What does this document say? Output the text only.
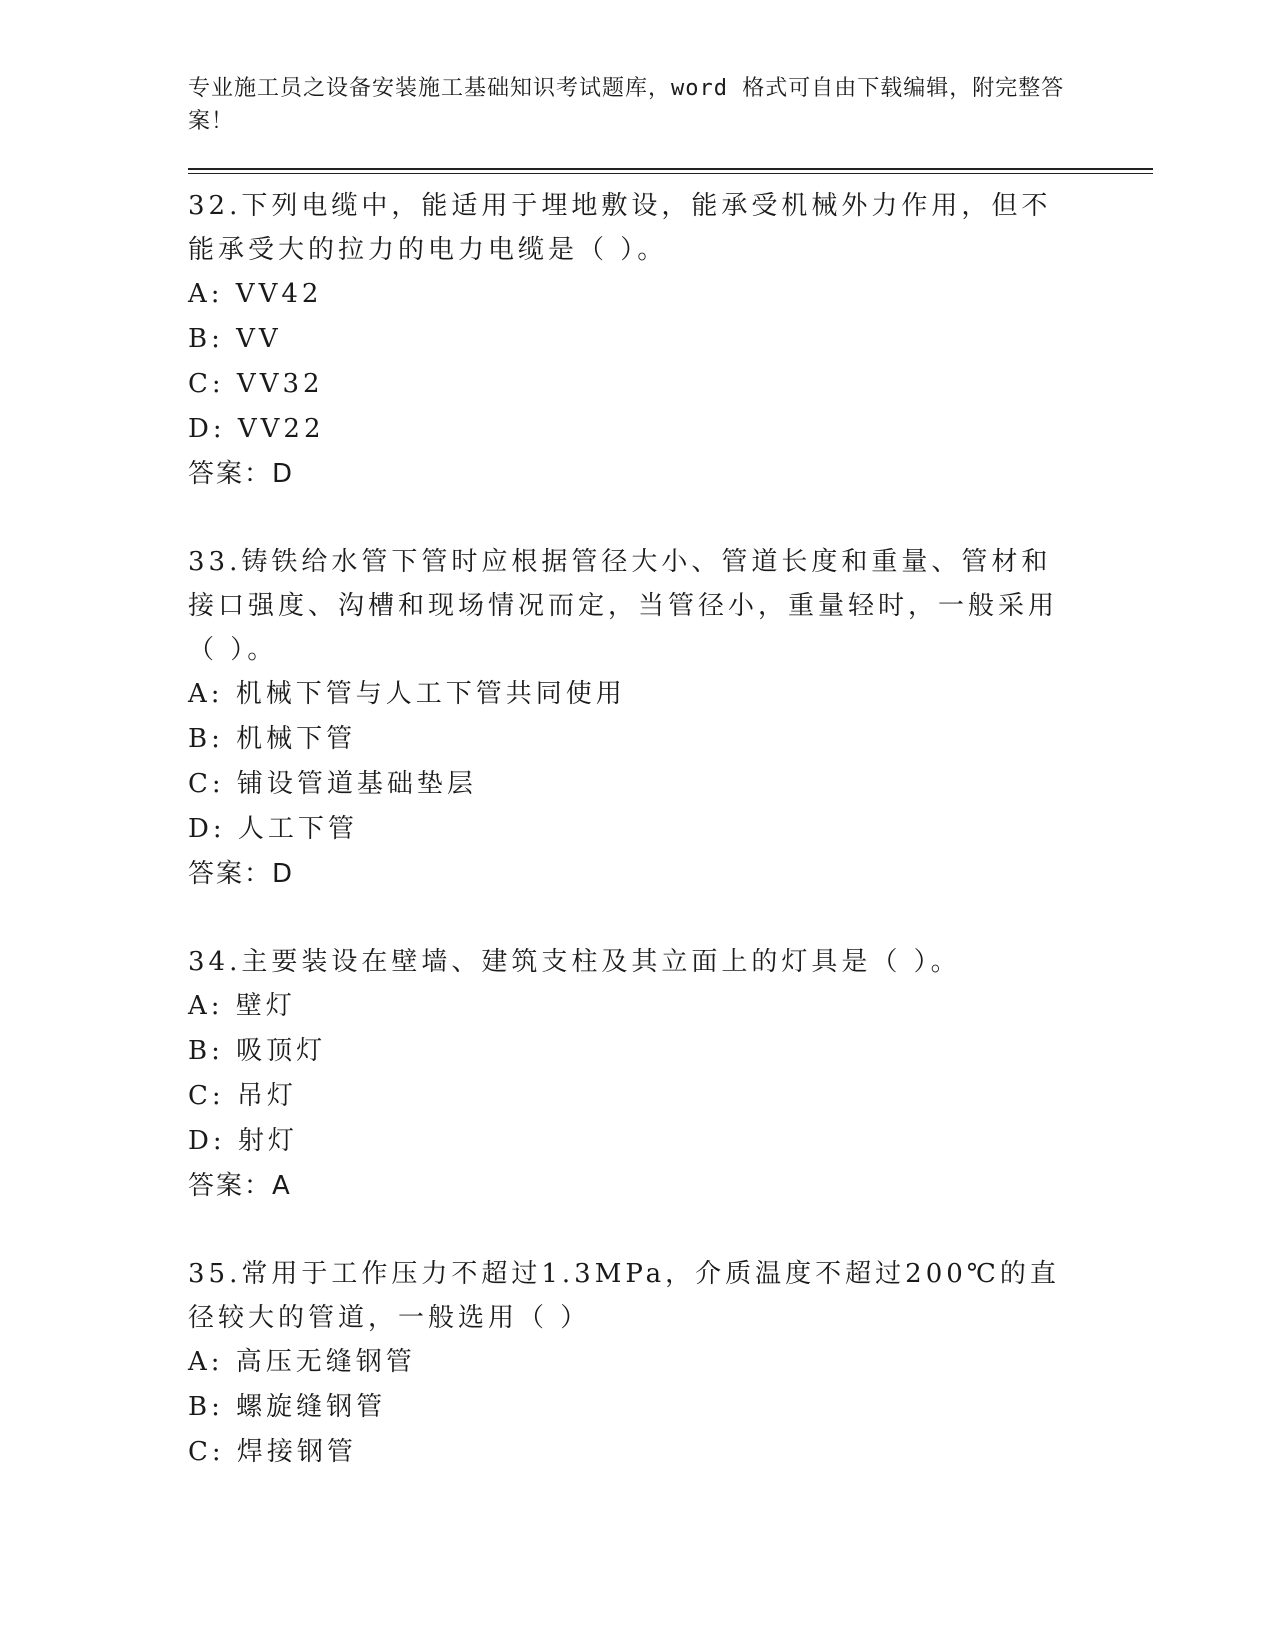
专业施工员之设备安装施工基础知识考试题库，word 格式可自由下载编辑，附完整答案！

32.下列电缆中，能适用于埋地敷设，能承受机械外力作用，但不能承受大的拉力的电力电缆是（ ）。

A: VV42

B: VV

C: VV32

D: VV22

答案：D

33.铸铁给水管下管时应根据管径大小、管道长度和重量、管材和接口强度、沟槽和现场情况而定，当管径小，重量轻时，一般采用（ ）。

A: 机械下管与人工下管共同使用

B: 机械下管

C: 铺设管道基础垫层

D: 人工下管

答案：D

34.主要装设在壁墙、建筑支柱及其立面上的灯具是（ ）。

A: 壁灯

B: 吸顶灯

C: 吊灯

D: 射灯

答案：A

35.常用于工作压力不超过1.3MPa，介质温度不超过200℃的直径较大的管道，一般选用（ ）

A: 高压无缝钢管

B: 螺旋缝钢管

C: 焊接钢管
